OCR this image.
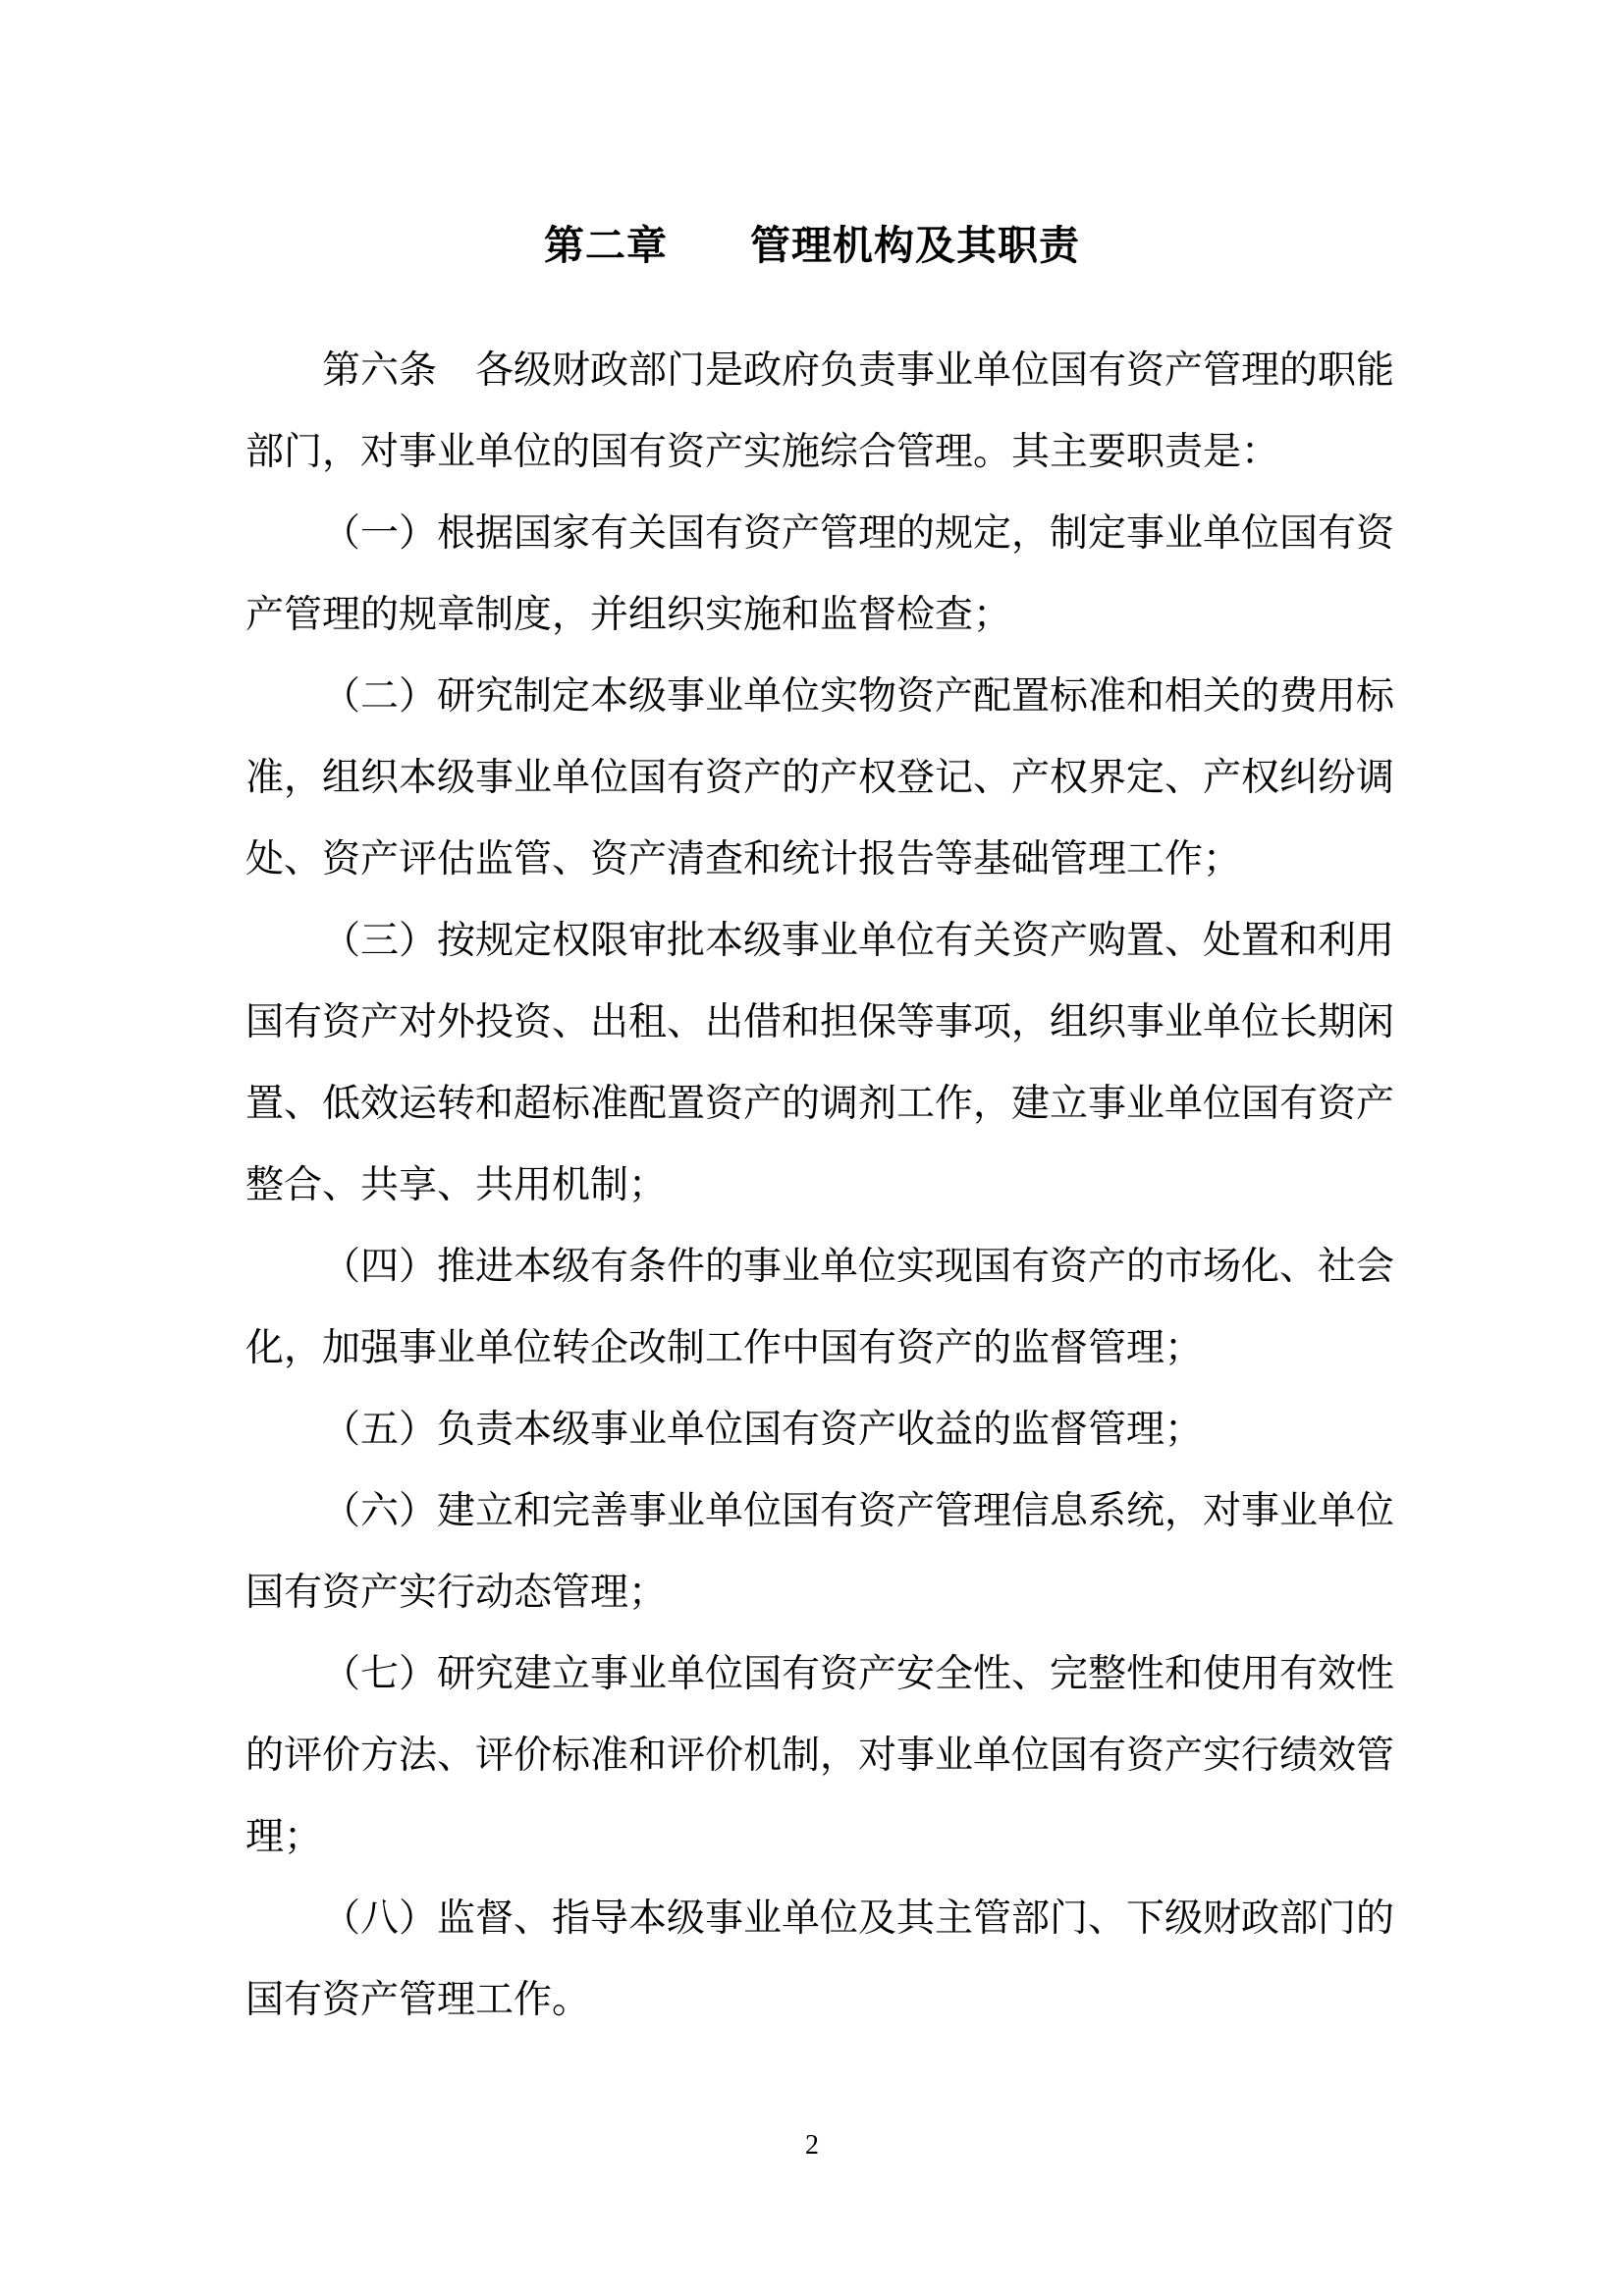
第二章　　管理机构及其职责

第六条　各级财政部门是政府负责事业单位国有资产管理的职能部门，对事业单位的国有资产实施综合管理。其主要职责是：

（一）根据国家有关国有资产管理的规定，制定事业单位国有资产管理的规章制度，并组织实施和监督检查；

（二）研究制定本级事业单位实物资产配置标准和相关的费用标准，组织本级事业单位国有资产的产权登记、产权界定、产权纠纷调处、资产评估监管、资产清查和统计报告等基础管理工作；

（三）按规定权限审批本级事业单位有关资产购置、处置和利用国有资产对外投资、出租、出借和担保等事项，组织事业单位长期闲置、低效运转和超标准配置资产的调剂工作，建立事业单位国有资产整合、共享、共用机制；

（四）推进本级有条件的事业单位实现国有资产的市场化、社会化，加强事业单位转企改制工作中国有资产的监督管理；

（五）负责本级事业单位国有资产收益的监督管理；

（六）建立和完善事业单位国有资产管理信息系统，对事业单位国有资产实行动态管理；

（七）研究建立事业单位国有资产安全性、完整性和使用有效性的评价方法、评价标准和评价机制，对事业单位国有资产实行绩效管理；

（八）监督、指导本级事业单位及其主管部门、下级财政部门的国有资产管理工作。

2
